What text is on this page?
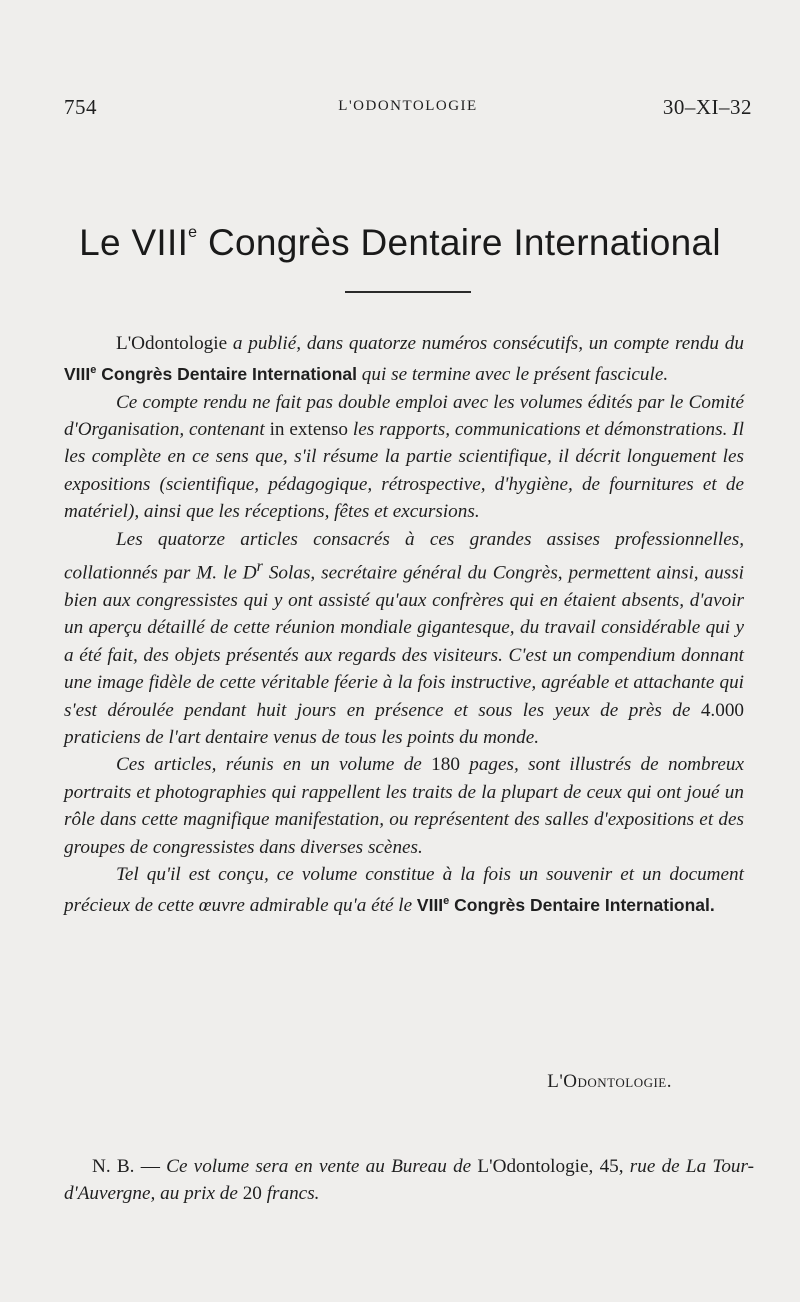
754	L'ODONTOLOGIE	30–XI–32
Le VIIIe Congrès Dentaire International

L'Odontologie a publié, dans quatorze numéros consécutifs, un compte rendu du VIIIe Congrès Dentaire International qui se termine avec le présent fascicule.

Ce compte rendu ne fait pas double emploi avec les volumes édités par le Comité d'Organisation, contenant in extenso les rapports, communications et démonstrations. Il les complète en ce sens que, s'il résume la partie scientifique, il décrit longuement les expositions (scientifique, pédagogique, rétrospective, d'hygiène, de fournitures et de matériel), ainsi que les réceptions, fêtes et excursions.

Les quatorze articles consacrés à ces grandes assises professionnelles, collationnés par M. le $D^r$ Solas, secrétaire général du Congrès, permettent ainsi, aussi bien aux congressistes qui y ont assisté qu'aux confrères qui en étaient absents, d'avoir un aperçu détaillé de cette réunion mondiale gigantesque, du travail considérable qui y a été fait, des objets présentés aux regards des visiteurs. C'est un compendium donnant une image fidèle de cette véritable féerie à la fois instructive, agréable et attachante qui s'est déroulée pendant huit jours en présence et sous les yeux de près de 4.000 praticiens de l'art dentaire venus de tous les points du monde.

Ces articles, réunis en un volume de 180 pages, sont illustrés de nombreux portraits et photographies qui rappellent les traits de la plupart de ceux qui ont joué un rôle dans cette magnifique manifestation, ou représentent des salles d'expositions et des groupes de congressistes dans diverses scènes.

Tel qu'il est conçu, ce volume constitue à la fois un souvenir et un document précieux de cette œuvre admirable qu'a été le VIIIe Congrès Dentaire International.

L'Odontologie.

N. B. — Ce volume sera en vente au Bureau de L'Odontologie, 45, rue de La Tour-d'Auvergne, au prix de 20 francs.
